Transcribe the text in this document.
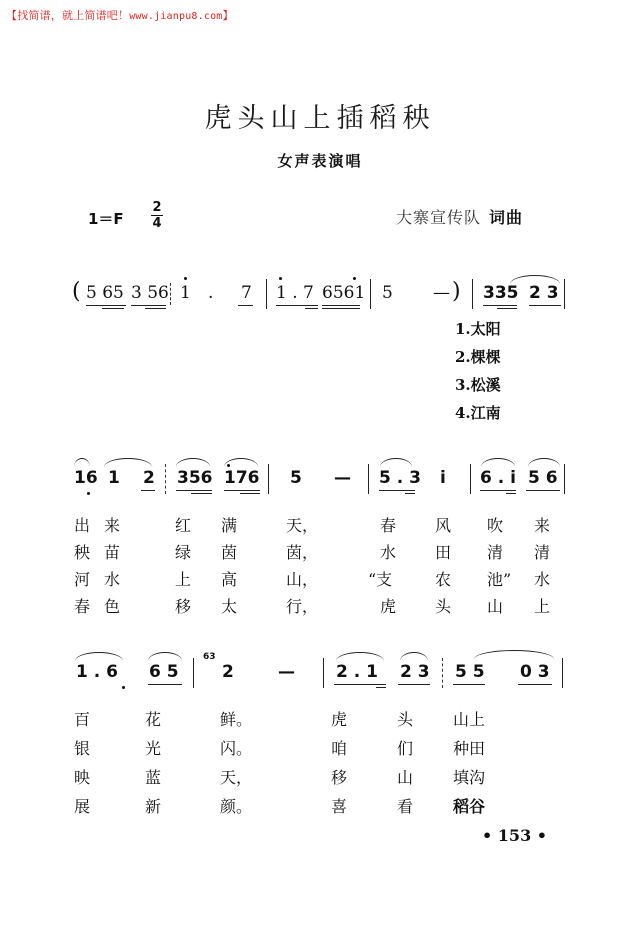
【找简谱，就上简谱吧！www.jianpu8.com】
虎头山上插稻秧
女声表演唱
1＝F
2
4	大寨宣传队 词曲
( 5 65 3 56 1 . 7 1 . 7 6561 5 — ) 335 2 3
1.太阳
2.棵棵
3.松溪
4.江南
16 1 2 356 176 5 — 5 . 3 i 6 . i 5 6
出 来	红 满	天，	春 风 吹 来
秧 苗	绿 茵	茵，	水 田 清 清
河 水	上 高	山，	“支	农 池” 水
春 色	移 太	行，	虎 头 山 上
1 . 6 6 5
63
2	— 2 . 1 2 3 5 5 0 3
百	花	鲜。	虎	头 山上
银	光	闪。	咱	们 种田
映	蓝	天，	移	山 填沟
展	新	颜。	喜	看 稻谷
• 153 •
